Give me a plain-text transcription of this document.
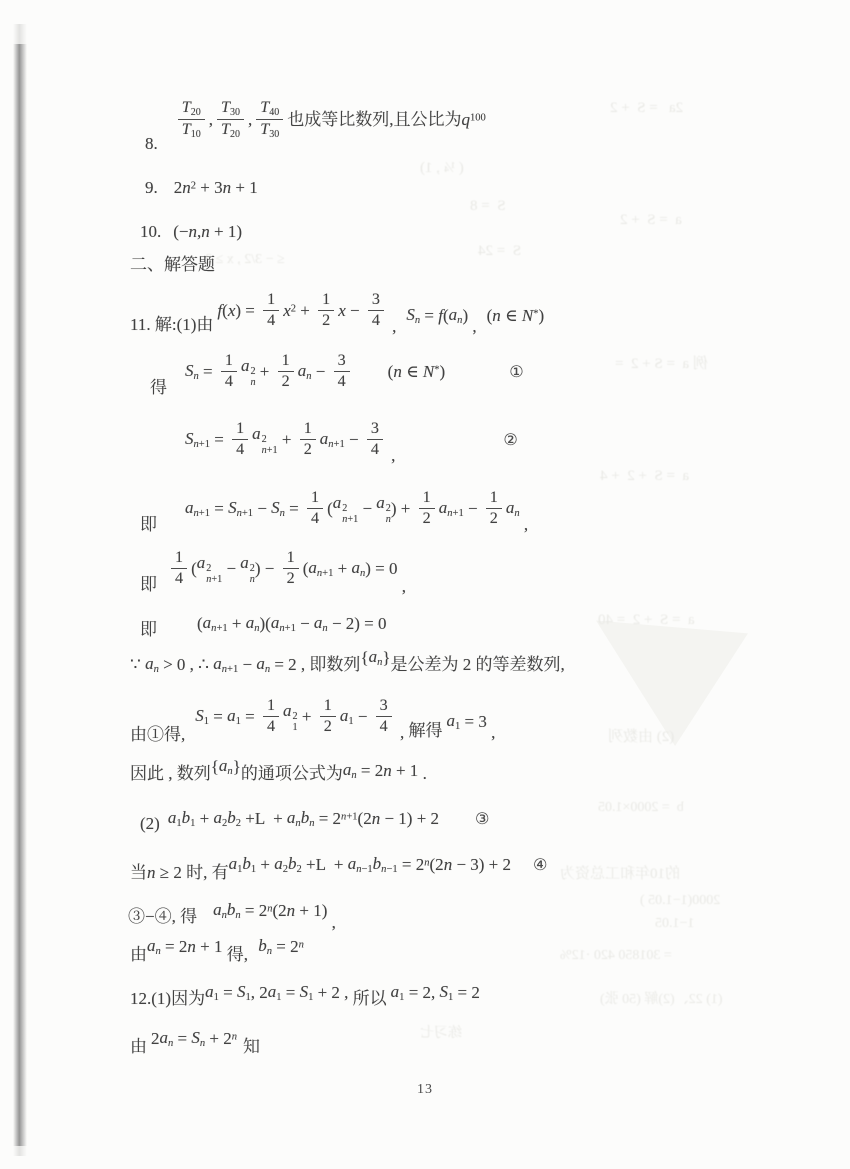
( ¼ , 1)
S  = 8
S  = 24
≤ − 3/2 , x ≥ 2
2a   = S  + 2
a  = S  + 2
例 a  = S + 2  =
a  = S  + 2  + 4
a  = S  + 2  = 40
(2) 由数列
b  = 2000×1.05
的10年和工总资为
2000(1−1.05 )
1−1.05
= 301850 420 ·12%
(1) 22、(2)解 (50 张)
练习七
8.
$\frac{T20}{T10}$ , $\frac{T30}{T20}$ , $\frac{T40}{T30}$ 也成等比数列,且公比为 $q^{100}$
9. $2n^2 + 3$ n + 1
10. (− n , n + 1)
二、解答题
11. 解:(1)由
f ( x ) = $\frac{1}{4} x^2 + \frac{1}{2}$ $x - \frac{3}{4}$ ,
Sn = f ( an )
,
( n ∈ N* )
得
$Sn = \frac{1}{4}$ a 2
n
+ $\frac{1}{2}$ an − $\frac{3}{4}$ ( n ∈ N* )	①
$Sn+1 = \frac{1}{4}$ a 2
n+1
+ $\frac{1}{2} an+1 - \frac{3}{4}$ ,
②
即
$an+1 = Sn+1 - Sn = \frac{1}{4}$ ( a 2
n+1
− a 2
n
) + $\frac{1}{2} an+1 - \frac{1}{2}$ an
,
即 $\frac{1}{4}$ ( a 2
n+1
− a 2
n
) − $\frac{1}{2}$ ( an+1 + an ) = 0
,
即 ( an+1 + an )( an+1 − an − 2) = 0
∵ an > 0 , ∴ an+1 − an = 2 , 即数列 { an } 是公差为 2 的等差数列,
由①得,
$S1 = a1 = \frac{1}{4}$ a 2
1
+ $\frac{1}{2} a1 - \frac{3}{4}$ , 解得
a1 = 3
,
因此 , 数列 { an } 的通项公式为 an = 2 n + 1 .
(2) a1 b1 + a2 b2 +L  + an bn = $2^{n+1}$ (2 n − 1) + 2 ③
当 n ≥ 2 时, 有 a1 b1 + a2 b2 +L  + an−1 $bn-1 = 2^n$ (2 n − 3) + 2 ④
③−④, 得 an bn = $2^n$ (2 n + 1)
,
由 an = 2 n + 1 得, bn = $2^n$
12.(1)因为 a1 = S1 , 2 a1 = S1 + 2 , 所以 a1 = 2, S1 = 2
由 2 an = $Sn + 2^n$
知
13
